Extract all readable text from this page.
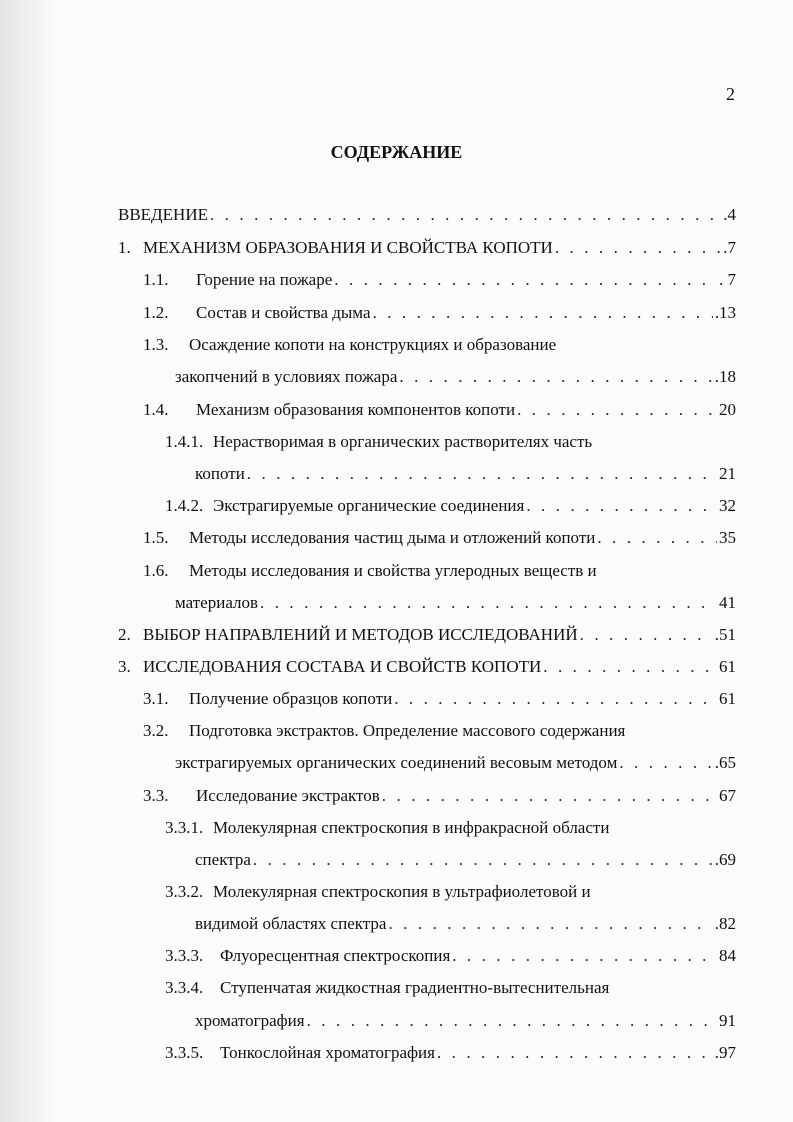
2
СОДЕРЖАНИЕ
ВВЕДЕНИЕ . . .	.4
1. МЕХАНИЗМ ОБРАЗОВАНИЯ И СВОЙСТВА КОПОТИ . . .	.7
1.1.	Горение на пожаре . . .	. 7
1.2.	Состав и свойства дыма . . .	.13
1.3.	Осаждение копоти на конструкциях и образование
закопчений в условиях пожара . . .	.18
1.4.	Механизм образования компонентов копоти . . .	20
1.4.1. Нерастворимая в органических растворителях часть
копоти . . .	21
1.4.2. Экстрагируемые органические соединения . . .	32
1.5.	Методы исследования частиц дыма и отложений копоти . . .	35
1.6.	Методы исследования и свойства углеродных веществ и
материалов . . .	41
2. ВЫБОР НАПРАВЛЕНИЙ И МЕТОДОВ ИССЛЕДОВАНИЙ . . .	.51
3. ИССЛЕДОВАНИЯ СОСТАВА И СВОЙСТВ КОПОТИ . . .	61
3.1.	Получение образцов копоти . . .	61
3.2.	Подготовка экстрактов. Определение массового содержания
экстрагируемых органических соединений весовым методом . . .	.65
3.3.	Исследование экстрактов . . .	67
3.3.1. Молекулярная спектроскопия в инфракрасной области
спектра . . .	.69
3.3.2. Молекулярная спектроскопия в ультрафиолетовой и
видимой областях спектра . . .	.82
3.3.3. Флуоресцентная спектроскопия . . .	84
3.3.4. Ступенчатая жидкостная градиентно-вытеснительная
хроматография . . .	91
3.3.5. Тонкослойная хроматография . . .	.97
